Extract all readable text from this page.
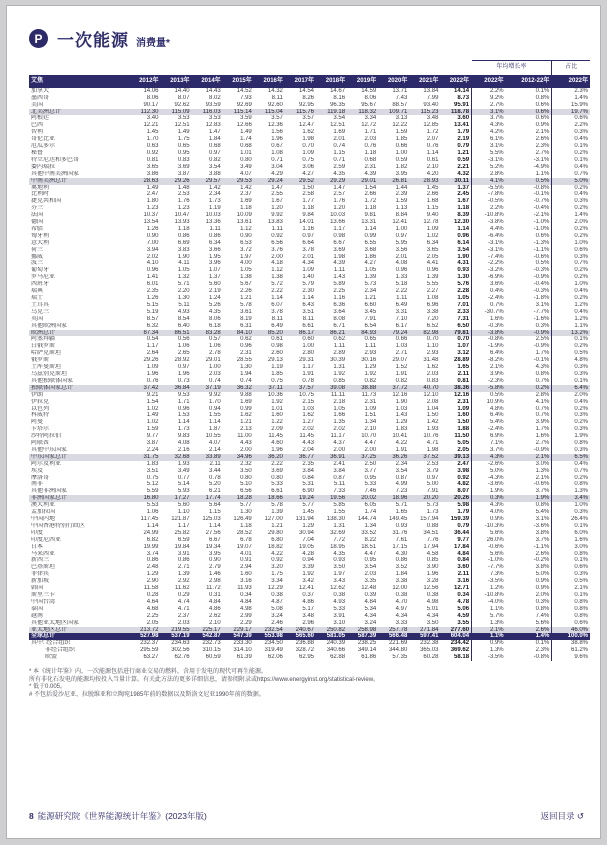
P 一次能源 消费量*
												年均增长率		占比
艾焦	2012年	2013年	2014年	2015年	2016年	2017年	2018年	2019年	2020年	2021年	2022年	2022年	2012-22年	2022年
加拿大	14.06	14.40	14.43	14.52	14.32	14.54	14.67	14.59	13.71	13.84	14.14	2.2%	0.1%	2.3%
墨西哥	8.06	8.07	8.02	7.93	8.11	8.26	8.16	8.06	7.43	7.99	8.73	9.2%	0.8%	1.4%
美国	90.17	92.62	93.59	92.69	92.60	92.95	96.35	95.67	88.57	93.40	95.91	2.7%	0.6%	15.9%
北美洲总计	112.30	115.09	116.03	115.14	115.04	115.76	119.18	118.32	109.71	115.23	118.78	3.1%	0.6%	19.7%
阿根廷	3.40	3.53	3.53	3.59	3.57	3.57	3.54	3.34	3.13	3.48	3.60	3.7%	0.6%	0.6%
巴西	12.21	12.51	12.83	12.66	12.36	12.47	12.51	12.72	12.22	12.85	13.41	4.3%	0.9%	2.2%
智利	1.45	1.49	1.47	1.49	1.56	1.62	1.69	1.71	1.59	1.72	1.79	4.2%	2.1%	0.3%
哥伦比亚	1.70	1.75	1.84	1.74	1.96	1.98	2.01	2.03	1.85	2.07	2.19	6.1%	2.6%	0.4%
厄瓜多尔	0.63	0.65	0.68	0.68	0.67	0.70	0.74	0.76	0.66	0.76	0.79	3.1%	2.3%	0.1%
秘鲁	0.92	0.95	0.97	1.01	1.08	1.09	1.15	1.18	1.00	1.14	1.21	5.5%	2.7%	0.2%
特立尼达和多巴哥	0.81	0.83	0.82	0.80	0.71	0.75	0.71	0.68	0.59	0.61	0.59	-3.1%	-3.1%	0.1%
委内瑞拉	3.65	3.69	3.54	3.49	3.04	3.06	2.59	2.31	1.82	2.10	2.21	5.2%	-4.9%	0.4%
其他中南美洲国家	3.86	3.87	3.88	4.07	4.29	4.27	4.35	4.39	3.95	4.20	4.32	2.8%	1.1%	0.7%
中南美洲总计	28.63	29.26	29.57	29.53	29.24	29.52	29.29	29.01	26.81	28.93	30.11	4.1%	0.5%	5.0%
奥地利	1.49	1.48	1.42	1.42	1.47	1.50	1.47	1.54	1.44	1.45	1.37	-5.5%	-0.8%	0.2%
比利时	2.47	2.53	2.34	2.37	2.55	2.58	2.57	2.66	2.39	2.66	2.45	-7.8%	-0.1%	0.4%
捷克共和国	1.80	1.76	1.73	1.69	1.67	1.77	1.76	1.72	1.59	1.68	1.67	-0.5%	-0.7%	0.3%
芬兰	1.23	1.23	1.19	1.18	1.20	1.18	1.20	1.18	1.13	1.15	1.18	2.2%	-0.4%	0.2%
法国	10.37	10.47	10.03	10.09	9.92	9.84	10.03	9.81	8.84	9.40	8.39	-10.8%	-2.1%	1.4%
德国	13.54	13.93	13.36	13.61	13.83	14.01	13.66	13.31	12.41	12.78	12.30	-3.8%	-1.0%	2.0%
希腊	1.26	1.18	1.11	1.12	1.11	1.16	1.17	1.14	1.00	1.09	1.14	4.4%	-1.0%	0.2%
匈牙利	0.90	0.86	0.86	0.90	0.92	0.97	0.98	0.99	0.97	1.02	0.96	-6.4%	0.6%	0.2%
意大利	7.00	6.69	6.34	6.53	6.56	6.64	6.67	6.55	5.95	6.34	6.14	-3.1%	-1.3%	1.0%
荷兰	3.94	3.83	3.66	3.72	3.76	3.78	3.69	3.68	3.56	3.65	3.54	-3.1%	-1.1%	0.6%
挪威	2.02	1.90	1.95	1.97	2.00	2.01	1.98	1.86	2.01	2.05	1.90	-7.4%	-0.6%	0.3%
波兰	4.10	4.11	3.96	4.00	4.18	4.34	4.39	4.27	4.08	4.41	4.31	-2.2%	0.5%	0.7%
葡萄牙	0.96	1.05	1.07	1.05	1.12	1.09	1.11	1.05	0.96	0.96	0.93	-3.2%	-0.3%	0.2%
罗马尼亚	1.41	1.32	1.37	1.38	1.38	1.40	1.43	1.39	1.33	1.39	1.30	-6.9%	-0.9%	0.2%
西班牙	6.01	5.71	5.60	5.67	5.72	5.79	5.89	5.73	5.18	5.55	5.76	3.6%	-0.4%	1.0%
瑞典	2.35	2.20	2.19	2.26	2.22	2.30	2.25	2.34	2.22	2.27	2.28	0.4%	-0.3%	0.4%
瑞士	1.26	1.30	1.24	1.21	1.14	1.14	1.16	1.21	1.11	1.08	1.05	-2.4%	-1.8%	0.2%
土耳其	5.15	5.11	5.26	5.78	6.07	6.43	6.36	6.60	6.49	6.96	7.01	0.7%	3.1%	1.2%
乌克兰	5.19	4.93	4.35	3.61	3.78	3.51	3.64	3.45	3.31	3.38	2.33	-30.7%	-7.7%	0.4%
英国	8.57	8.54	8.06	8.19	8.11	8.11	8.08	7.91	7.10	7.20	7.31	1.6%	-1.6%	1.2%
其他欧洲国家	6.32	6.40	6.18	6.31	6.49	6.61	6.71	6.54	6.17	6.52	6.50	-0.3%	0.3%	1.1%
欧洲总计	87.34	86.51	83.28	84.10	85.20	86.17	86.21	84.93	79.24	82.98	79.81	-3.8%	-0.9%	13.2%
阿塞拜疆	0.54	0.56	0.57	0.62	0.61	0.60	0.62	0.65	0.66	0.70	0.70	-0.8%	2.5%	0.1%
白俄罗斯	1.17	1.06	1.06	0.96	0.98	1.00	1.11	1.11	1.03	1.10	1.07	-1.9%	-0.9%	0.2%
哈萨克斯坦	2.64	2.65	2.78	2.31	2.60	2.80	2.89	2.93	2.71	2.93	3.12	6.4%	1.7%	0.5%
俄罗斯	29.26	28.92	29.01	28.55	29.13	29.31	30.39	30.16	29.07	31.48	28.89	-8.2%	-0.1%	4.8%
土库曼斯坦	1.09	0.97	1.00	1.30	1.19	1.17	1.31	1.29	1.52	1.62	1.65	2.1%	4.3%	0.3%
乌兹别克斯坦	1.96	1.96	2.03	1.94	1.85	1.91	1.92	1.92	1.91	2.03	2.11	3.9%	0.8%	0.3%
其他独联体国家	0.76	0.73	0.74	0.74	0.75	0.78	0.85	0.82	0.82	0.83	0.81	-2.3%	0.7%	0.1%
独联体国家总计	37.42	36.84	37.19	36.32	37.11	37.57	39.08	38.88	37.72	40.70	38.36	-5.8%	0.2%	6.4%
伊朗	9.21	9.53	9.92	9.88	10.36	10.75	11.11	11.73	12.16	12.10	12.16	0.5%	2.8%	2.0%
伊拉克	1.54	1.71	1.70	1.69	1.92	2.15	2.18	2.31	1.90	2.08	2.31	10.9%	4.1%	0.4%
以色列	1.02	0.96	0.94	0.99	1.01	1.03	1.05	1.09	1.03	1.04	1.09	4.8%	0.7%	0.2%
科威特	1.49	1.53	1.55	1.62	1.60	1.62	1.66	1.51	1.43	1.50	1.60	6.4%	0.7%	0.3%
阿曼	1.02	1.14	1.14	1.21	1.22	1.27	1.35	1.34	1.29	1.42	1.50	5.4%	3.9%	0.2%
卡塔尔	1.59	1.73	1.87	2.13	2.09	2.02	2.02	2.10	1.83	1.93	1.88	-2.4%	1.7%	0.3%
沙特阿拉伯	9.77	9.83	10.55	11.00	11.45	11.45	11.17	10.70	10.41	10.76	11.50	6.9%	1.6%	1.9%
阿联酋	3.87	4.08	4.07	4.43	4.60	4.43	4.37	4.47	4.22	4.71	5.05	7.1%	2.7%	0.8%
其他中东国家	2.24	2.16	2.14	2.00	1.96	2.04	2.00	2.00	1.91	1.98	2.05	3.7%	-0.9%	0.3%
中东国家总计	31.75	32.68	33.89	34.96	36.20	36.77	36.91	37.25	36.26	37.52	39.13	4.3%	2.1%	6.5%
阿尔及利亚	1.83	1.93	2.11	2.32	2.22	2.35	2.41	2.50	2.34	2.53	2.47	-2.6%	3.0%	0.4%
埃及	3.51	3.49	3.44	3.50	3.69	3.84	3.84	3.77	3.54	3.79	3.98	5.0%	1.3%	0.7%
摩洛哥	0.75	0.77	0.78	0.80	0.80	0.84	0.87	0.95	0.87	0.97	0.92	-4.3%	2.1%	0.2%
南非	5.12	5.14	5.20	5.10	5.33	5.31	5.11	5.33	4.99	5.00	4.82	-3.6%	-0.6%	0.8%
其他非洲国家	5.59	5.93	6.21	6.56	6.61	6.90	7.33	7.46	7.23	7.91	8.07	1.9%	3.7%	1.3%
非洲国家总计	16.80	17.27	17.74	18.28	18.66	19.24	19.56	20.02	18.96	20.20	20.26	0.3%	1.9%	3.4%
澳大利亚	5.53	5.60	5.64	5.77	5.78	5.77	5.85	6.05	5.71	5.73	5.98	4.3%	0.8%	1.0%
孟加拉国	1.06	1.10	1.15	1.30	1.39	1.45	1.55	1.74	1.65	1.73	1.79	4.0%	5.4%	0.3%
中国内地	117.45	121.87	125.03	126.49	127.00	131.94	138.30	144.74	149.45	157.94	159.39	0.9%	3.1%	26.4%
中国香港特别行政区	1.14	1.17	1.14	1.18	1.21	1.29	1.31	1.34	0.93	0.88	0.79	-10.3%	-3.6%	0.1%
印度	24.99	25.82	27.56	28.52	29.80	30.94	32.69	33.52	31.76	34.51	36.44	5.6%	3.8%	6.0%
印度尼西亚	6.82	6.59	6.67	6.78	6.80	7.04	7.72	8.22	7.61	7.76	9.77	26.0%	3.7%	1.6%
日本	19.99	19.84	19.34	19.07	18.82	19.05	18.95	18.51	17.15	17.94	17.84	-0.6%	-1.1%	3.0%
马来西亚	3.74	3.91	3.95	4.01	4.22	4.28	4.35	4.47	4.30	4.58	4.84	5.6%	2.6%	0.8%
新西兰	0.86	0.86	0.90	0.91	0.92	0.94	0.93	0.95	0.86	0.85	0.84	-1.0%	-0.2%	0.1%
巴基斯坦	2.48	2.71	2.79	2.94	3.20	3.39	3.50	3.54	3.52	3.90	3.60	-7.7%	3.8%	0.6%
菲律宾	1.29	1.39	1.46	1.60	1.75	1.92	1.97	2.03	1.84	1.96	2.11	7.3%	5.0%	0.3%
新加坡	2.90	2.92	2.98	3.16	3.34	3.42	3.43	3.35	3.38	3.28	3.16	-3.5%	0.9%	0.5%
韩国	11.58	11.62	11.72	11.93	12.29	12.41	12.62	12.48	12.00	12.56	12.71	1.2%	0.9%	2.1%
斯里兰卡	0.28	0.29	0.31	0.34	0.38	0.37	0.38	0.39	0.38	0.38	0.34	-10.8%	2.0%	0.1%
中国台湾	4.64	4.74	4.84	4.84	4.87	4.86	4.93	4.84	4.70	4.98	4.78	-4.0%	0.3%	0.8%
泰国	4.68	4.71	4.86	4.98	5.08	5.17	5.33	5.34	4.97	5.01	5.06	1.1%	0.8%	0.8%
越南	2.25	2.37	2.62	2.99	3.24	3.48	3.91	4.34	4.34	4.34	4.59	5.7%	7.4%	0.8%
其他亚太地区国家	2.05	2.03	2.10	2.29	2.46	2.96	3.10	3.24	3.33	3.50	3.55	1.3%	5.6%	0.6%
亚太地区总计	213.72	219.55	225.17	229.17	232.54	240.67	250.82	258.98	257.78	271.84	277.60	2.1%	2.6%	46.0%
全球总计	527.98	537.19	542.87	547.39	553.98	565.60	581.05	587.39	566.48	597.41	604.04	1.1%	1.4%	100.0%
其中: 经合组织	232.37	234.63	232.73	233.30	234.50	236.88	240.39	238.25	221.69	232.38	234.42	0.9%	0.1%	38.8%
非经合组织	295.59	302.56	310.15	314.10	319.49	328.72	340.66	349.14	344.80	365.03	369.62	1.3%	2.3%	61.2%
欧盟	63.27	62.76	60.59	61.39	62.06	62.95	62.88	61.86	57.35	60.28	58.18	-3.5%	-0.8%	9.6%

* 本《统计年鉴》内，一次能源包括进行商业交易的燃料，含用于发电的现代可再生能源。

所有非化石发电的能源均按投入当量计算。有关此方法的更多详细信息，请参阅附录或https://www.energyinst.org/statistical-review。

* 低于0.005。

# 不包括爱沙尼亚、拉脱维亚和立陶宛1985年前的数据以及斯洛文尼亚1990年前的数据。

8 能源研究院《世界能源统计年鉴》(2023年版)	返回目录 ↺
